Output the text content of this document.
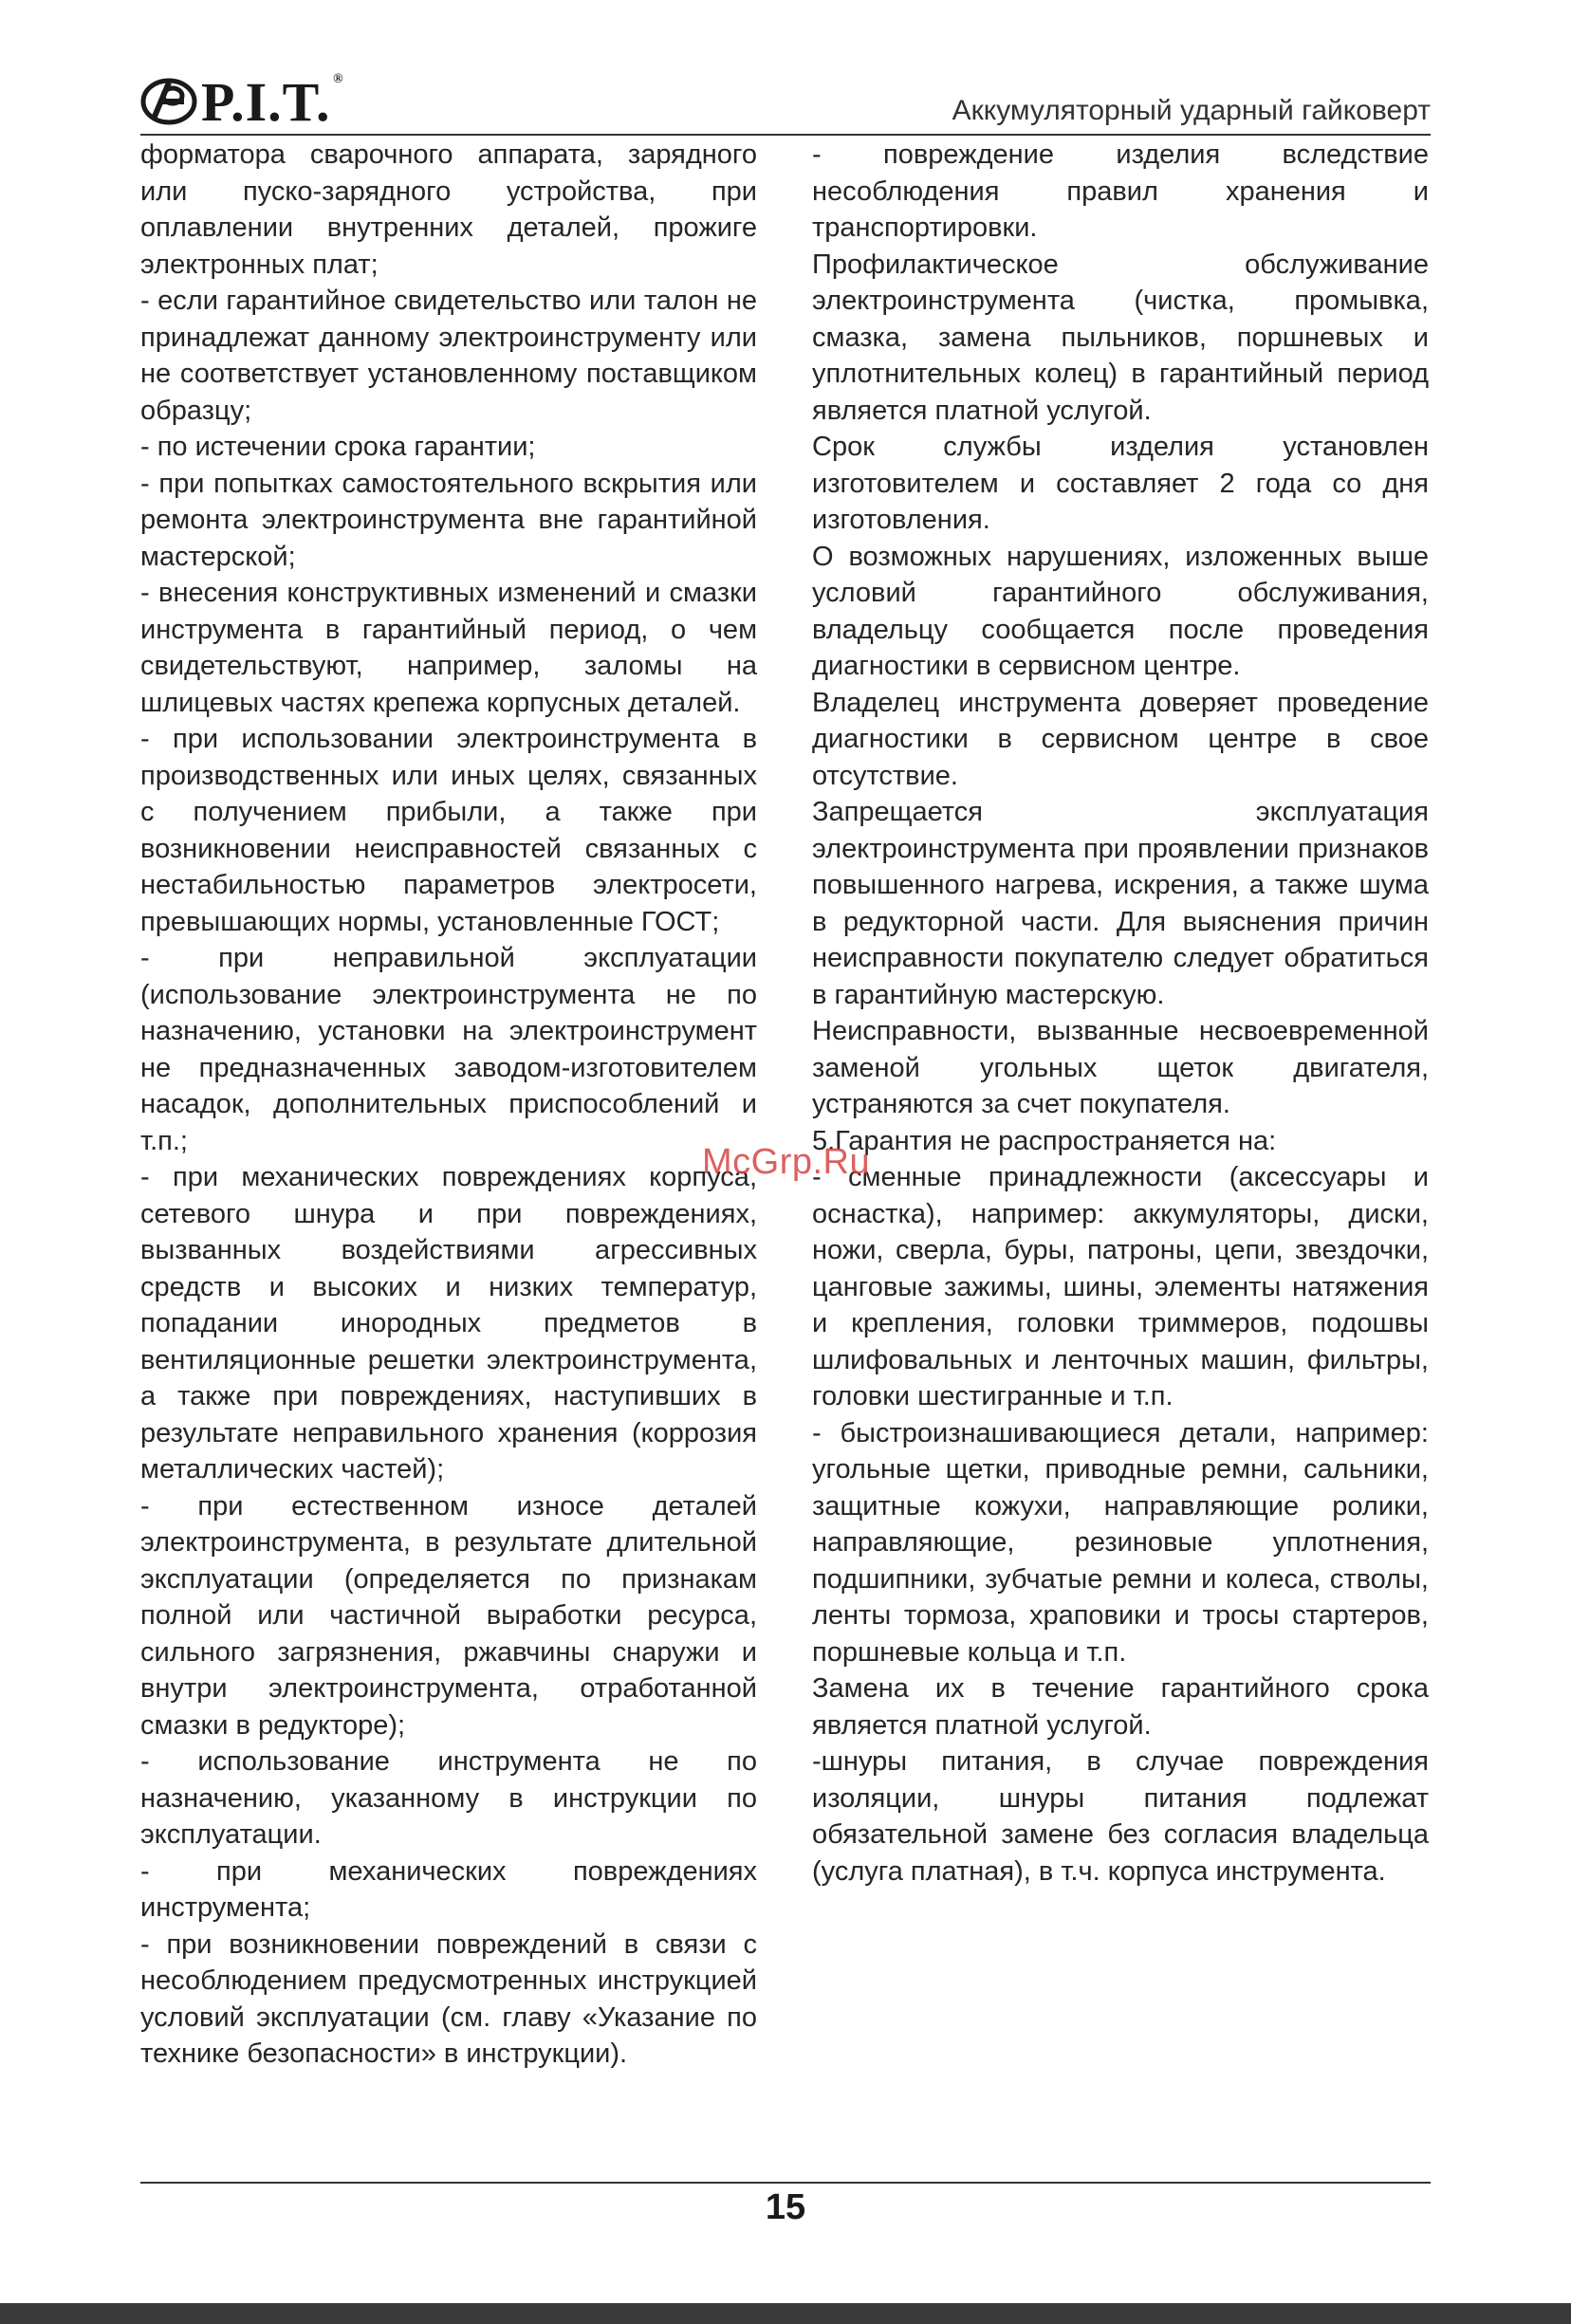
P.I.T. ®
Аккумуляторный ударный гайковерт

форматора сварочного аппарата, зарядного или пуско-зарядного устройства, при оплавлении внутренних деталей, прожиге электронных плат;

- если гарантийное свидетельство или талон не принадлежат данному электроинструменту или не соответствует установленному поставщиком образцу;

- по истечении срока гарантии;

- при попытках самостоятельного вскрытия или ремонта электроинструмента вне гарантийной мастерской;

- внесения конструктивных изменений и смазки инструмента в гарантийный период, о чем свидетельствуют, например, заломы на шлицевых частях крепежа корпусных деталей.

- при использовании электроинструмента в производственных или иных целях, связанных с получением прибыли, а также при возникновении неисправностей связанных с нестабильностью параметров электросети, превышающих нормы, установленные ГОСТ;

- при неправильной эксплуатации (использование электроинструмента не по назначению, установки на электроинструмент не предназначенных заводом-изготовителем насадок, дополнительных приспособлений и т.п.;

- при механических повреждениях корпуса, сетевого шнура и при повреждениях, вызванных воздействиями агрессивных средств и высоких и низких температур, попадании инородных предметов в вентиляционные решетки электроинструмента, а также при повреждениях, наступивших в результате неправильного хранения (коррозия металлических частей);

- при естественном износе деталей электроинструмента, в результате длительной эксплуатации (определяется по признакам полной или частичной выработки ресурса, сильного загрязнения, ржавчины снаружи и внутри электроинструмента, отработанной смазки в редукторе);

- использование инструмента не по назначению, указанному в инструкции по эксплуатации.

- при механических повреждениях инструмента;

- при возникновении повреждений в связи с несоблюдением предусмотренных инструкцией условий эксплуатации (см. главу «Указание по технике безопасности» в инструкции).

- повреждение изделия вследствие несоблюдения правил хранения и транспортировки.

Профилактическое обслуживание электроинструмента (чистка, промывка, смазка, замена пыльников, поршневых и уплотнительных колец) в гарантийный период является платной услугой.

Срок службы изделия установлен изготовителем и составляет 2 года со дня изготовления.

О возможных нарушениях, изложенных выше условий гарантийного обслуживания, владельцу сообщается после проведения диагностики в сервисном центре.

Владелец инструмента доверяет проведение диагностики в сервисном центре в свое отсутствие.

Запрещается эксплуатация электроинструмента при проявлении признаков повышенного нагрева, искрения, а также шума в редукторной части. Для выяснения причин неисправности покупателю следует обратиться в гарантийную мастерскую.

Неисправности, вызванные несвоевременной заменой угольных щеток двигателя, устраняются за счет покупателя.

5.Гарантия не распространяется на:

- сменные принадлежности (аксессуары и оснастка), например: аккумуляторы, диски, ножи, сверла, буры, патроны, цепи, звездочки, цанговые зажимы, шины, элементы натяжения и крепления, головки триммеров, подошвы шлифовальных и ленточных машин, фильтры, головки шестигранные и т.п.

- быстроизнашивающиеся детали, например: угольные щетки, приводные ремни, сальники, защитные кожухи, направляющие ролики, направляющие, резиновые уплотнения, подшипники, зубчатые ремни и колеса, стволы, ленты тормоза, храповики и тросы стартеров, поршневые кольца и т.п.

Замена их в течение гарантийного срока является платной услугой.

-шнуры питания, в случае повреждения изоляции, шнуры питания подлежат обязательной замене без согласия владельца (услуга платная), в т.ч. корпуса инструмента.

McGrp.Ru
15
